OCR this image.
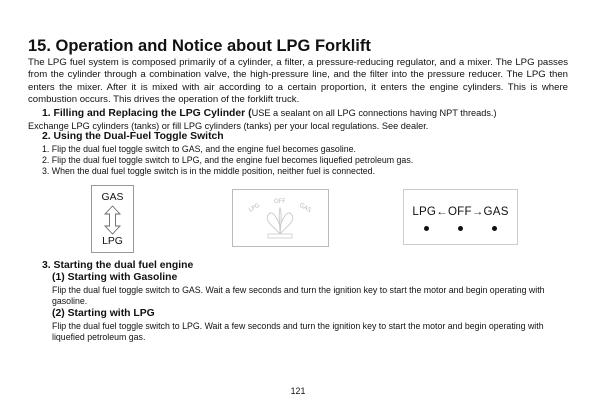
15. Operation and Notice about LPG Forklift
The LPG fuel system is composed primarily of a cylinder, a filter, a pressure-reducing regulator, and a mixer. The LPG passes from the cylinder through a combination valve, the high-pressure line, and the filter into the pressure reducer. The LPG then enters the mixer. After it is mixed with air according to a certain proportion, it enters the engine cylinders. This is where combustion occurs. This drives the operation of the forklift truck.
1. Filling and Replacing the LPG Cylinder (USE a sealant on all LPG connections having NPT threads.)
Exchange LPG cylinders (tanks) or fill LPG cylinders (tanks) per your local regulations. See dealer.
2. Using the Dual-Fuel Toggle Switch
1. Flip the dual fuel toggle switch to GAS, and the engine fuel becomes gasoline.
2. Flip the dual fuel toggle switch to LPG, and the engine fuel becomes liquefied petroleum gas.
3. When the dual fuel toggle switch is in the middle position, neither fuel is connected.
GAS
LPG
LPG
OFF
GAS	LPG←OFF→GAS
3. Starting the dual fuel engine
(1) Starting with Gasoline
Flip the dual fuel toggle switch to GAS. Wait a few seconds and turn the ignition key to start the motor and begin operating with gasoline.
(2) Starting with LPG
Flip the dual fuel toggle switch to LPG. Wait a few seconds and turn the ignition key to start the motor and begin operating with liquefied petroleum gas.
121
